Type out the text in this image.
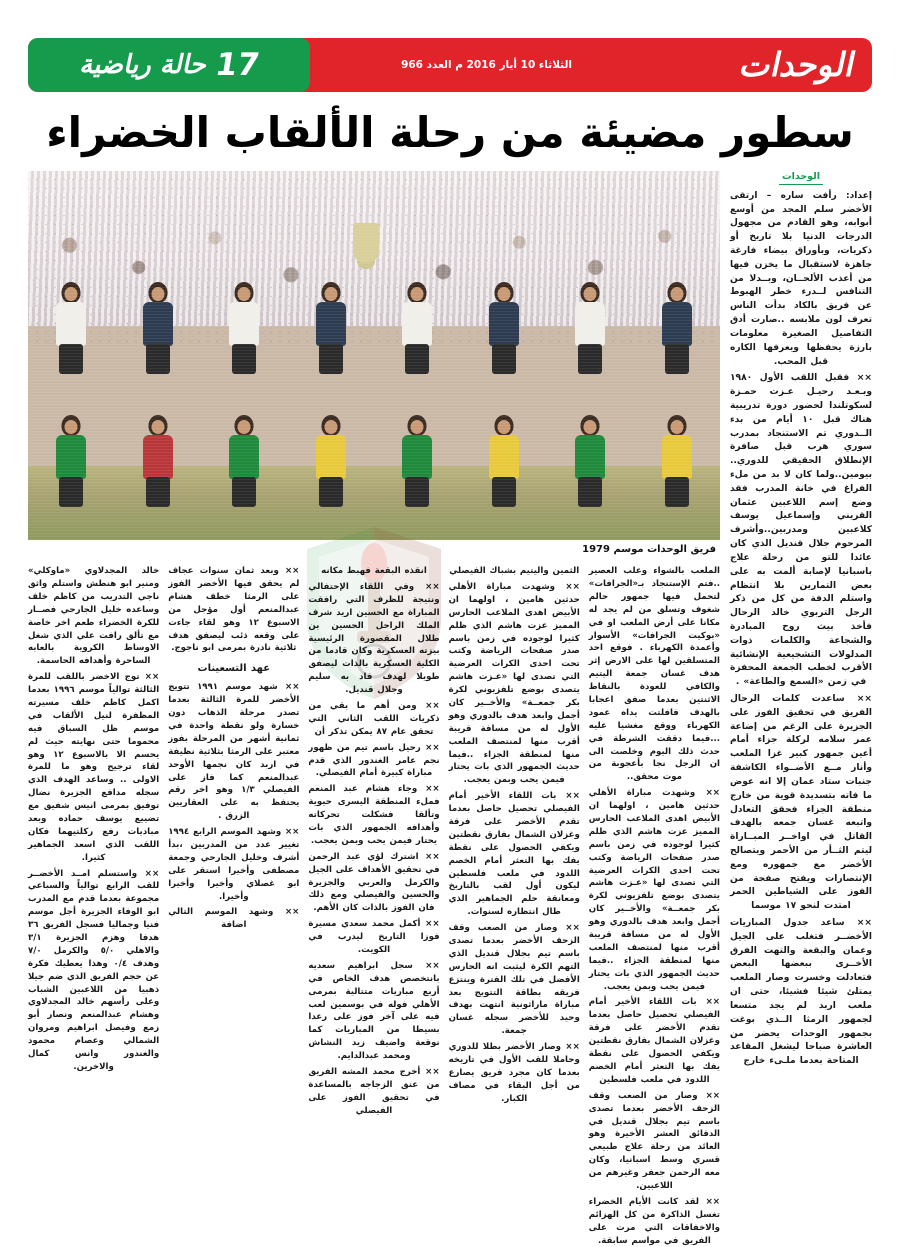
الوحدات
الثلاثاء 10 أيار 2016 م العدد 966
17
حالة رياضية
سطور مضيئة من رحلة الألقاب الخضراء
الوحدات

إعداد: رأفت ساره – ارتقى الأخضر سلم المجد من أوسع أبوابه، وهو القادم من مجهول الدرجات الدنيا بلا تاريخ أو ذكريات، وبأوراق بيضاء فارغة جاهزة لاستقبال ما يخزن فيها من أعذب الألحــان، وبــدلا من التنافس لــدرء خطر الهبوط عن فريق بالكاد بدأت الناس تعرف لون ملابسه ..صارت أدق التفاصيل الصغيرة معلومات بارزة يحفظها ويعرفها الكاره قبل المحب.

×× فقبل اللقب الأول ١٩٨٠ وبـعـد رحيـل عـزت حمـزة لسكوتلندا لحضور دورة تدريبية هناك قبل ١٠ أيام من بدء الــدوري تم الاستنجاد بمدرب سوري هرب قبل صافرة الإنطلاق الحقيقي للدوري.. بيومين..ولما كان لا بد من ملء الفراغ في خانة المدرب فقد وضع إسم اللاعبين عثمان القريني وإسماعيل يوسف كلاعبين ومدربين..وأشرف المرحوم جلال قنديل الذي كان عائدا للتو من رحلة علاج باسبانيا لإصابة ألمت به على بعض التمارين بلا انتظام واستلم الدفة من كل من ذكر الرجل التربوي خالد الرحال فأخذ بيث روح المبادرة والشجاعة والكلمات ذوات المدلولات التشجيعية الإنشائية الأقرب لخطب الجمعة المحفزة في زمن «السمع والطاعة» .

×× ساعدت كلمات الرحال الفريق في تحقيق الفوز على الجزيرة على الرغم من إضاعة عمر سلامه لركلة جزاء أمام أعين جمهور كبير غزا الملعب وأنار مــع الأضــواء الكاشفة جنبات ستاد عمان إلا انه عوض ما فاته بتسديدة قوية من خارج منطقة الجزاء فحقق التعادل واتبعه غسان جمعه بالهدف القاتل في اواخــر المبــاراة ليتم الثــأر من الأحمر ويتصالح الأخضر مع جمهوره ومع الإنتصارات ويفتح صفحة من الفوز على الشياطين الحمر امتدت لنحو ١٧ موسما

×× ساعد جدول المباريات الأخضــر فتغلب على الجيل وعمان والبقعة والتهت الفرق الأخــرى ببعضها البعض فتعادلت وخسرت وصار الملعب يمتلئ شيئا فشيئا، حتى ان ملعب اربد لم يجد متسعا لجمهور الرمثا الــذي بوغت بجمهور الوحدات يحضر من العاشرة صباحا ليشغل المقاعد المتاحة بعدما ملـىء خارج

فريق الوحدات موسم 1979

الملعب بالشواء وعلب العصير ..فتم الإستنجاد بـ«الجرافات» لتحمل فيها جمهور حالم شغوف وتسلق من لم يجد له مكانا على أرض الملعب او في «بوكيت الجرافات» الأسوار وأعمدة الكهرباء . فوقع احد المتسلقين لها على الارض إثر هدف غسان جمعة اليتيم والكافي للعودة بالنقاط الاثنتين بعدما صفق اعجابا بالهدف فافلتت يداه عمود الكهرباء ووقع مغشيا عليه ...فيما دققت الشرطة في حدث ذلك اليوم وخلصت الى ان الرجل نجا بأعجوبة من موت محقق..

×× وشهدت مباراة الأهلي حدثين هامين ، اولهما ان الأبيض اهدى الملاعب الحارس المميز عزت هاشم الذي ظلم كثيرا لوجوده في زمن باسم صدر صفحات الرياضة وكتب تحت احدى الكرات العرضية التي تصدى لها «عـزت هاشم يتصدى بوضع تلفزيوني لكرة بكر جمعــة» والأخــير كان أجمل وابعد هدف بالدوري وهو الأول له من مسافة قريبة أقرب منها لمنتصف الملعب منها لمنطقة الجزاء ..فيما حديث الجمهور الذي بات يحتار فيمن يحب وبمن يعجب.

×× بات اللقاء الأخير أمام الفيصلي تحصيل حاصل بعدما تقدم الأخضر على فرقة وغزلان الشمال بفارق نقطتين ويكفي الحصول على نقطة يفك بها التعثر أمام الخصم اللدود في ملعب فلسطين

×× وصار من الصعب وقف الزحف الأخضر بعدما تصدى باسم تيم بجلال قنديل في الدقائق العشر الأخيرة وهو العائد من رحلة علاج طبيعي قسري وسط اسبانيا، وكان معه الرحمن جعفر وغيرهم من اللاعبين.

×× لقد كانت الأيام الخضراء تغسل الذاكرة من كل الهزائم والاخفاقات التي مرت على الفريق في مواسم سابقة.

الثمين واليتيم بشباك الفيصلي

×× وشهدت مباراة الأهلي حدثين هامين ، اولهما ان الأبيض اهدى الملاعب الحارس المميز عزت هاشم الذي ظلم كثيرا لوجوده في زمن باسم صدر صفحات الرياضة وكتب تحت احدى الكرات العرضية التي تصدى لها «عـزت هاشم يتصدى بوضع تلفزيوني لكرة بكر جمعــة» والأخــير كان أجمل وابعد هدف بالدوري وهو الأول له من مسافة قريبة أقرب منها لمنتصف الملعب منها لمنطقة الجزاء ..فيما حديث الجمهور الذي بات يحتار فيمن يحب وبمن يعجب.

×× بات اللقاء الأخير أمام الفيصلي تحصيل حاصل بعدما تقدم الأخضر على فرقة وغزلان الشمال بفارق نقطتين ويكفي الحصول على نقطة يفك بها التعثر أمام الخصم اللدود في ملعب فلسطين ليكون أول لقب بالتاريخ ومعانقة حلم الجماهير الذي طال انتظاره لسنوات.

×× وصار من الصعب وقف الزحف الأخضر بعدما تصدى باسم تيم بجلال قنديل الذي التهم الكرة ليثبت انه الحارس الأفضل في تلك الفترة وينتزع فريقه بطاقة التتويج بعد مباراة ماراثونية انتهت بهدف وحيد للأخضر سجله غسان جمعة.

×× وصار الأخضر بطلا للدوري وحاملا للقب الأول في تاريخه بعدما كان مجرد فريق يصارع من أجل البقاء في مصاف الكبار.

انقذه البقعة فهبط مكانه

×× وفي اللقاء الإحتفالي ونتيجة للظرف التي رافقت المباراة مع الحسين اريد شرف الملك الراحل الحسين بن طلال المقصورة الرئيسية بيزته العسكرية وكان قادما من الكلية العسكرية بالذات ليصفق طويلا لهدف قاد به سليم وجلال قنديل.

×× ومن أهم ما بقي من ذكريات اللقب الثاني التي تحقق عام ٨٧ يمكن تذكر أن

×× رحيل باسم تيم من ظهور نجم عامر الغندور الذي قدم مباراة كبيرة أمام الفيصلي.

×× وجاء هشام عبد المنعم فملء المنطقة اليسرى حيوية وتألقا فشكلت تحركاته وأهدافه الجمهور الذي بات يحتار فيمن يحب وبمن يعجب.

×× اشترك لؤي عبد الرحمن في تحقيق الأهداف على الجيل والكرمل والعربي والجزيرة والحسين والفيصلي ومع ذلك فان الفوز بالذات كان الأهم.

×× أكمل محمد سعدي مسيرة فوزا التاريخ ليدرب في الكويت.

×× سجل ابراهيم سعديه بانتخصص هدف الخاص في أربع مباريات متتالية بمرمى الأهلي فوله في بوسمين لعب فيه على آخر فوز على رعدا بسيطا من المباريات كما نوقعة واضيف زيد النشاش ومحمد عبدالدايم.

×× أخرج محمد المشه الفريق من عنق الزجاجه بالمساعدة في تحقيق الفوز على الفيصلي

×× وبعد ثمان سنوات عجاف لم يحقق فيها الأخضر الفوز على الرمثا خطف هشام عبدالمنعم أول مؤجل من الاسبوع ١٢ وهو لقاء جاءت على وقعه ذئب ليصفق هدف ثلاثية نادرة بمرمى ابو ناجوج.

عهد التسعينات

×× شهد موسم ١٩٩١ تتويج الأخضر للمرة الثالثة بعدما تصدر مرحلة الذهاب دون خسارة ولو نقطة واحدة في ثمانية أشهر من المرحلة بفوز معتبر على الرمثا بثلاثية نظيفة في اربد كان نجمها الأوحد عبدالمنعم كما فاز على الفيصلي ١/٣ وهو اخر رقم يحتفظ به على العقاريين الزرق .

×× وشهد الموسم الرابع ١٩٩٤ تغيير عدد من المدربين ،بدأ أشرف وخليل الجارحي وجمعة مصطفى وأخيرا استقر على ابو غصلاي وأخيرا وأخيرا وأخيرا.

×× وشهد الموسم التالي اضافة

خالد المجدلاوي «ماوكلي» ومنير ابو هنطش واستلم واثق ناجي التدريب من كاظم خلف وساعده خليل الجارحي فصــار للكرة الخضراء طعم اخر خاصة مع تألق رافت علي الذي شغل الاوساط الكروية بالعابه الساحرة وأهدافه الحاسمة.

×× توج الاخضر باللقب للمرة الثالثة توالياً موسم ١٩٩٦ بعدما اكمل كاظم خلف مسيرته المظفرة لنيل الألقاب في موسم ظل السباق فيه محموما حتى نهايته حيث لم يحسم الا بالاسبوع ١٢ وهو لقاء ترجيح وهو ما للمرة الاولى .. وساعد الهدف الذي سجله مدافع الجزيرة نضال توفيق بمرمى انيس شفيق مع تضييع يوسف حماده وبعد مباديات رفع ركلتيهما فكان اللقب الذي اسعد الجماهير كثيرا.

×× واستسلم امــد الأخضــر للقب الرابع توالياً والسباعي مجموعة بعدما قدم مع المدرب ابو الوفاء الجزيرة أجل موسم فنيا وجماليا فسجل الفريق ٣٦ هدفا وهزم الجزيرة ٣/١ والاهلي ٥/٠ والكرمل ٧/٠ وهدف ٠/٤ وهذا يعطيك فكرة عن حجم الفريق الذي ضم جيلا ذهبيا من اللاعبين الشباب وعلى رأسهم خالد المجدلاوي وهشام عبدالمنعم ونصار أبو زمع وفيصل ابراهيم ومروان الشمالي وعصام محمود والغندور وانس كمال والاخرين.
